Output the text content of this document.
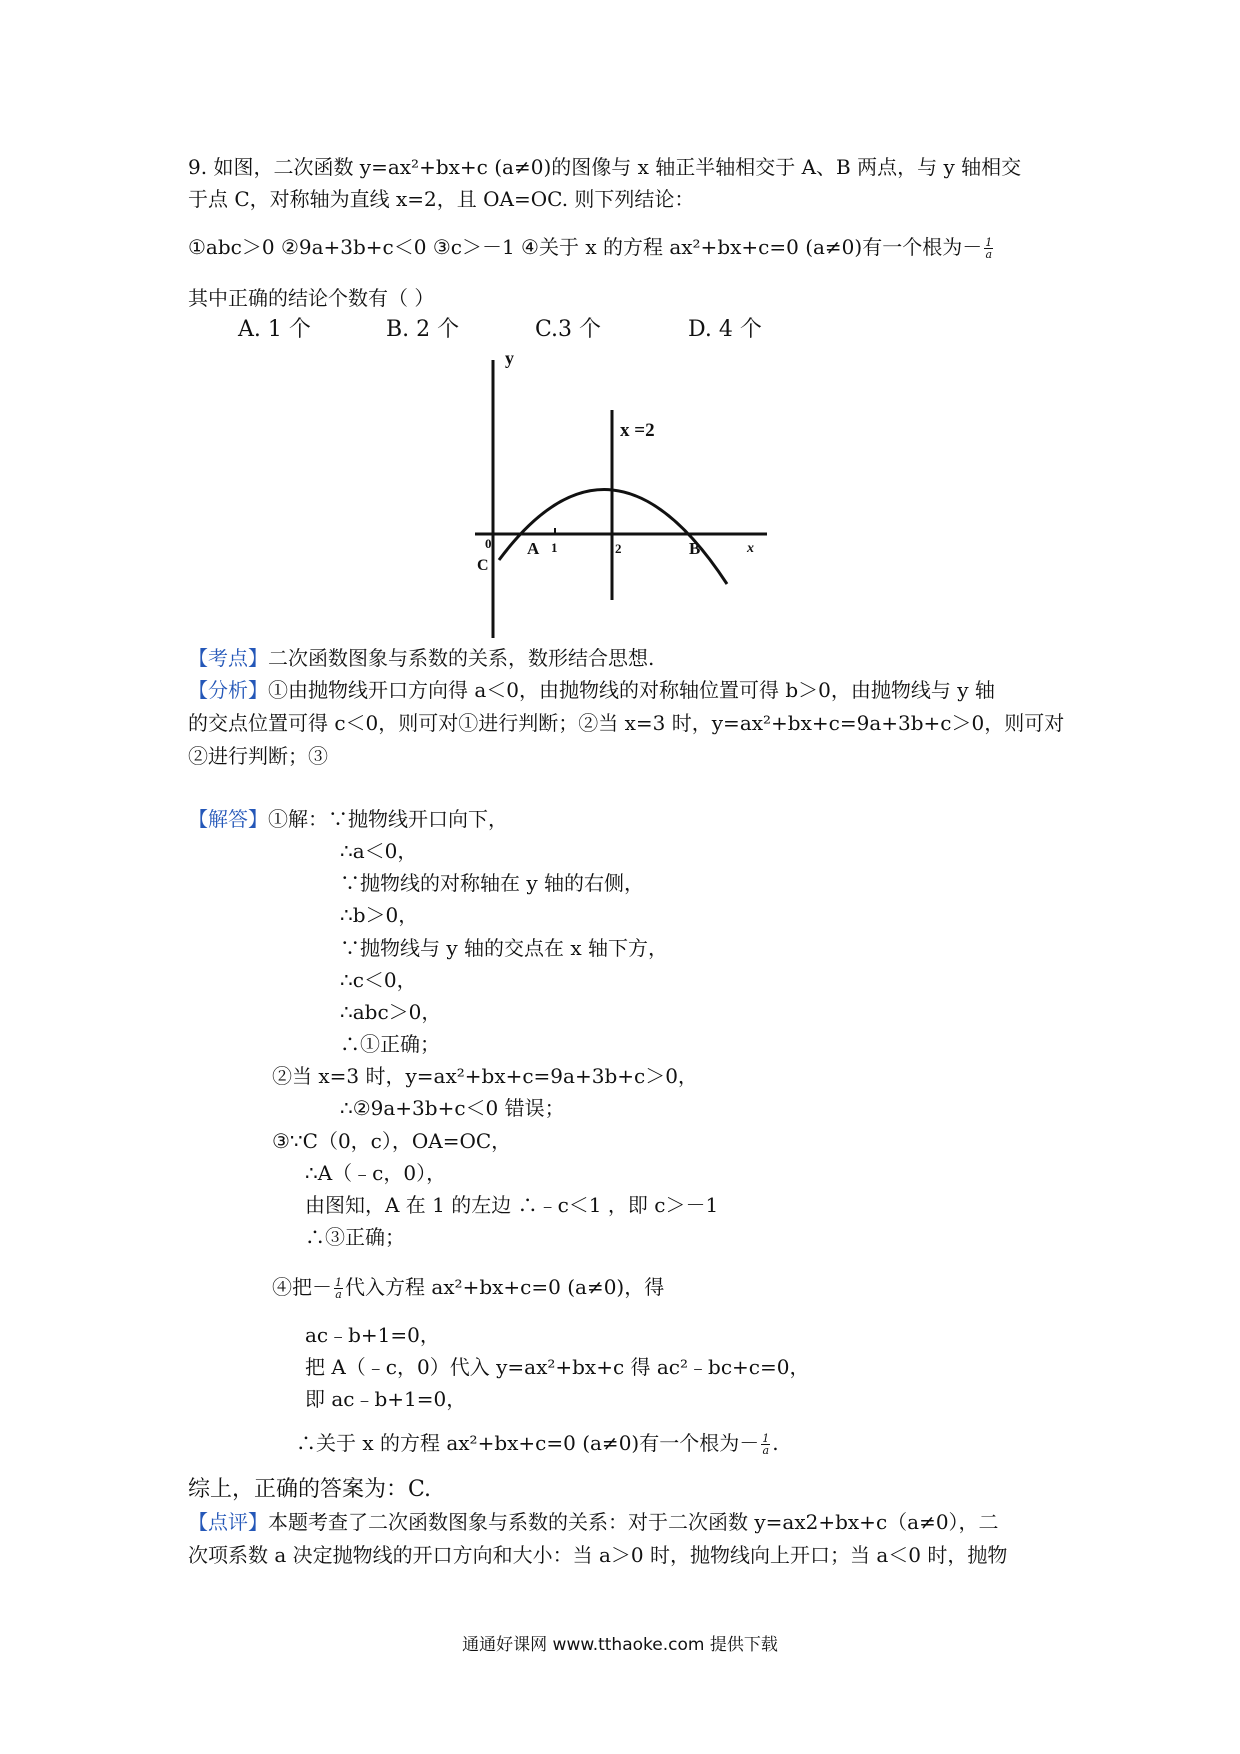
9. 如图，二次函数 y=ax²+bx+c (a≠0)的图像与 x 轴正半轴相交于 A、B 两点，与 y 轴相交
于点 C，对称轴为直线 x=2，且 OA=OC. 则下列结论：
①abc＞0 ②9a+3b+c＜0 ③c＞－1 ④关于 x 的方程 ax²+bx+c=0 (a≠0)有一个根为－ $\frac{1}{a}$
其中正确的结论个数有（ ）
A. 1 个	B. 2 个	C.3 个	D. 4 个
y
x
x =2
0
C
A 1	2	B
【考点】二次函数图象与系数的关系，数形结合思想.
【分析】①由抛物线开口方向得 a＜0，由抛物线的对称轴位置可得 b＞0，由抛物线与 y 轴
的交点位置可得 c＜0，则可对①进行判断；②当 x=3 时，y=ax²+bx+c=9a+3b+c＞0，则可对
②进行判断；③
【解答】①解：∵抛物线开口向下，
∴a＜0，
∵抛物线的对称轴在 y 轴的右侧，
∴b＞0，
∵抛物线与 y 轴的交点在 x 轴下方，
∴c＜0，
∴abc＞0，
∴①正确；
②当 x=3 时，y=ax²+bx+c=9a+3b+c＞0，
∴②9a+3b+c＜0 错误；
③∵C（0，c），OA=OC，
∴A（﹣c，0），
由图知，A 在 1 的左边 ∴﹣c＜1 ，即 c＞－1
∴③正确；
④把－ $\frac{1}{a}$ 代入方程 ax²+bx+c=0 (a≠0)，得
ac﹣b+1=0，
把 A（﹣c，0）代入 y=ax²+bx+c 得 ac²﹣bc+c=0，
即 ac﹣b+1=0，
∴关于 x 的方程 ax²+bx+c=0 (a≠0)有一个根为－ $\frac{1}{a}$ .
综上，正确的答案为：C.
【点评】本题考查了二次函数图象与系数的关系：对于二次函数 y=ax2+bx+c（a≠0），二
次项系数 a 决定抛物线的开口方向和大小：当 a＞0 时，抛物线向上开口；当 a＜0 时，抛物
通通好课网 www.tthaoke.com 提供下载
